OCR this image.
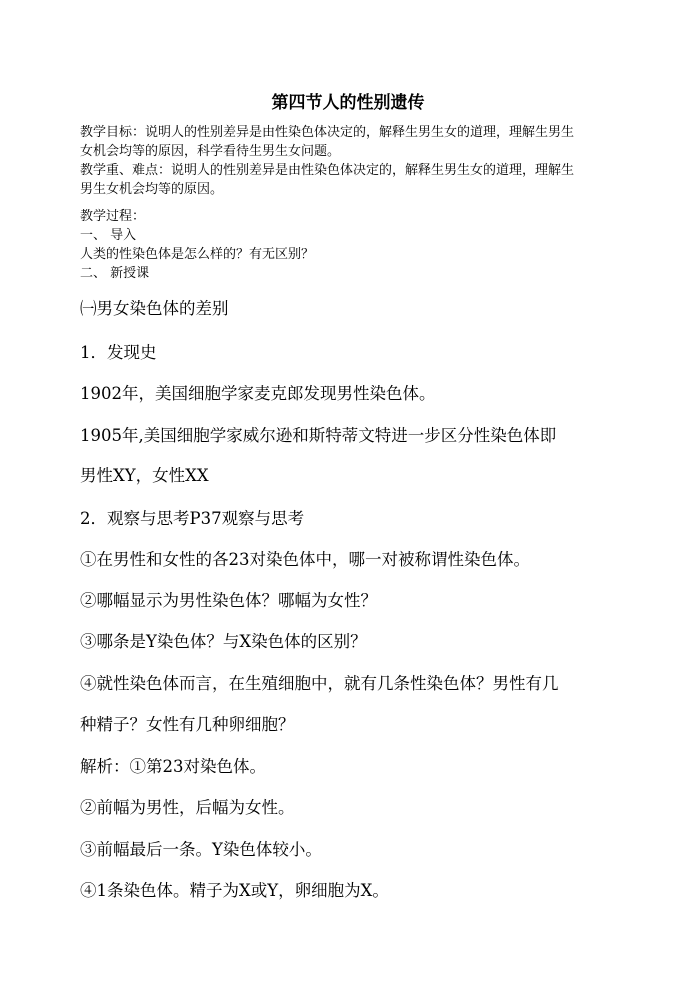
第四节人的性别遗传
教学目标：说明人的性别差异是由性染色体决定的，解释生男生女的道理，理解生男生
女机会均等的原因，科学看待生男生女问题。
教学重、难点：说明人的性别差异是由性染色体决定的，解释生男生女的道理，理解生
男生女机会均等的原因。
教学过程：
一、 导入
人类的性染色体是怎么样的？有无区别？
二、 新授课
㈠男女染色体的差别
1．发现史
1902年，美国细胞学家麦克郎发现男性染色体。
1905年,美国细胞学家威尔逊和斯特蒂文特进一步区分性染色体即
男性XY，女性XX
2．观察与思考P37观察与思考
①在男性和女性的各23对染色体中，哪一对被称谓性染色体。
②哪幅显示为男性染色体？哪幅为女性？
③哪条是Y染色体？与X染色体的区别？
④就性染色体而言，在生殖细胞中，就有几条性染色体？男性有几
种精子？女性有几种卵细胞？
解析：①第23对染色体。
②前幅为男性，后幅为女性。
③前幅最后一条。Y染色体较小。
④1条染色体。精子为X或Y，卵细胞为X。
